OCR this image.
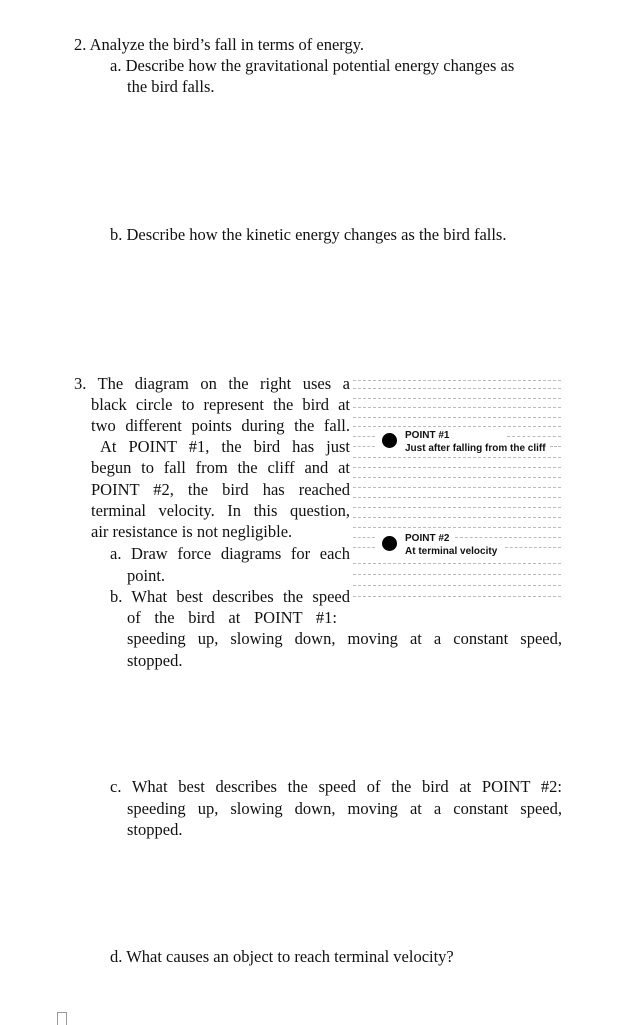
2. Analyze the bird’s fall in terms of energy.
a. Describe how the gravitational potential energy changes as
the bird falls.
b. Describe how the kinetic energy changes as the bird falls.
3. The diagram on the right uses a
black circle to represent the bird at
two different points during the fall.
At POINT #1, the bird has just
begun to fall from the cliff and at
POINT #2, the bird has reached
terminal velocity. In this question,
air resistance is not negligible.
a. Draw force diagrams for each
point.
b. What best describes the speed
of the bird at POINT #1:
speeding up, slowing down, moving at a constant speed,
stopped.
c. What best describes the speed of the bird at POINT #2:
speeding up, slowing down, moving at a constant speed,
stopped.
d. What causes an object to reach terminal velocity?
POINT #1
Just after falling from the cliff
POINT #2
At terminal velocity
